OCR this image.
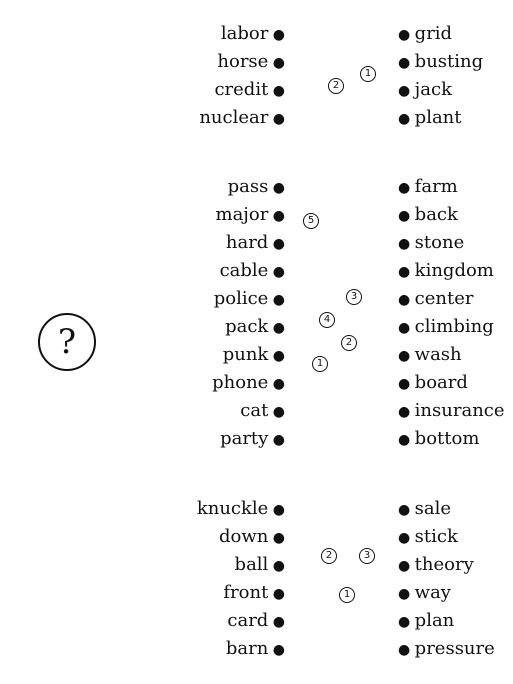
?
labor ●
horse ●
credit ●
nuclear ●
● grid
● busting
● jack
● plant
2
1
pass ●
major ●
hard ●
cable ●
police ●
pack ●
punk ●
phone ●
cat ●
party ●
● farm
● back
● stone
● kingdom
● center
● climbing
● wash
● board
● insurance
● bottom
5
3
4
2
1
knuckle ●
down ●
ball ●
front ●
card ●
barn ●
● sale
● stick
● theory
● way
● plan
● pressure
2	3
1
